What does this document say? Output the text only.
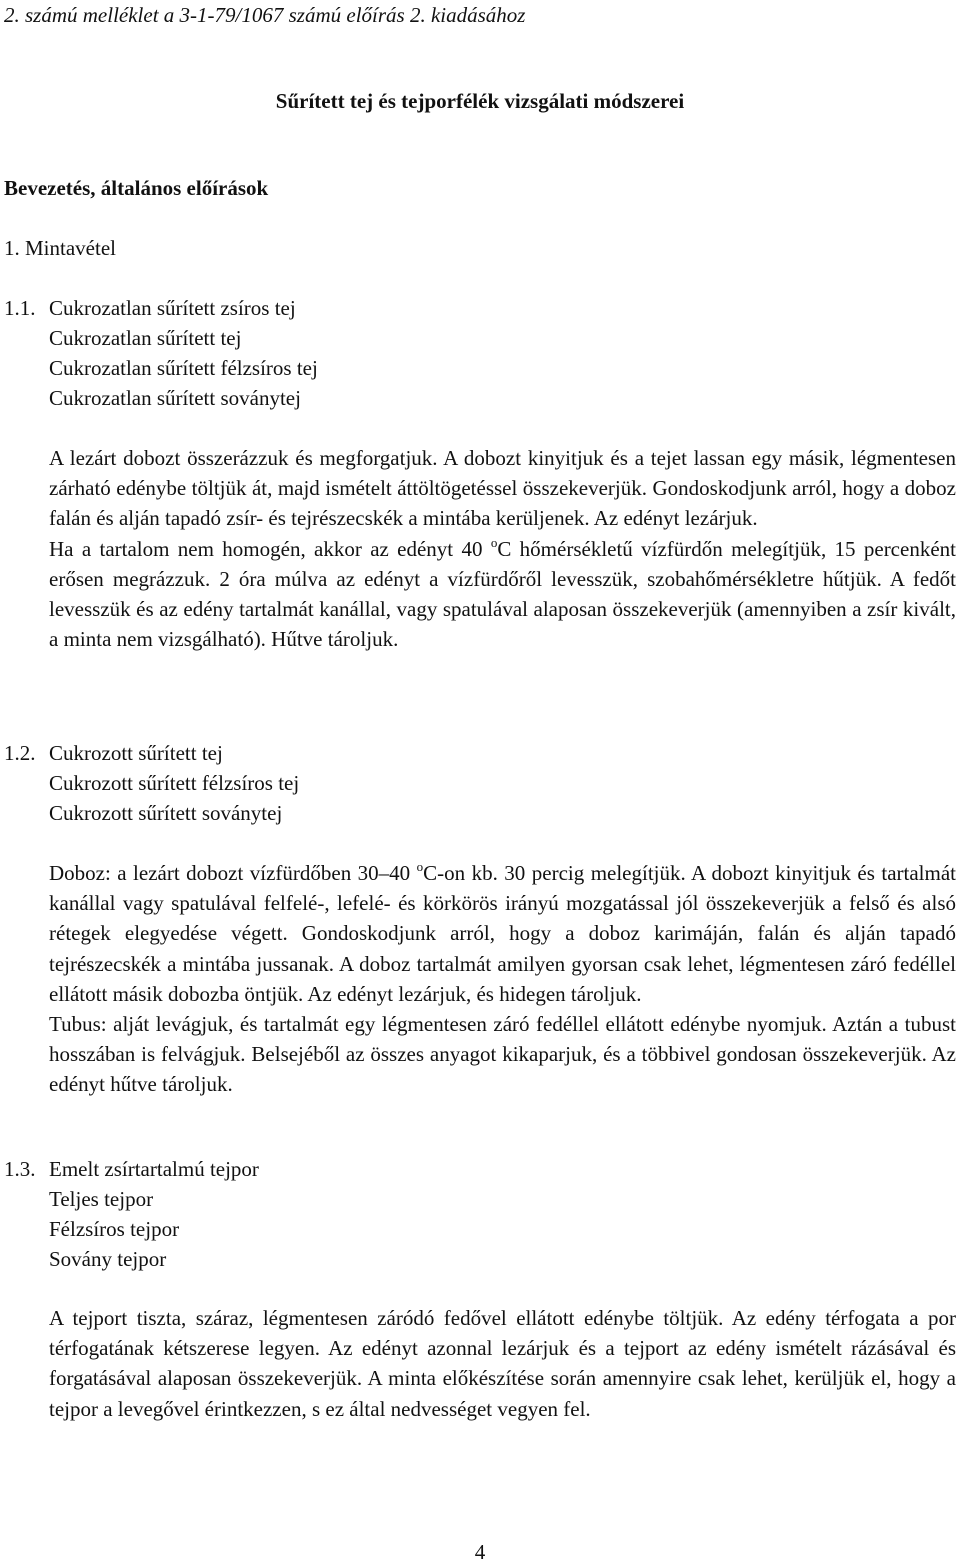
2. számú melléklet a 3-1-79/1067 számú előírás 2. kiadásához
Sűrített tej és tejporfélék vizsgálati módszerei
Bevezetés, általános előírások
1. Mintavétel
1.1. Cukrozatlan sűrített zsíros tej
Cukrozatlan sűrített tej
Cukrozatlan sűrített félzsíros tej
Cukrozatlan sűrített soványtej

A lezárt dobozt összerázzuk és megforgatjuk. A dobozt kinyitjuk és a tejet lassan egy másik, légmentesen zárható edénybe töltjük át, majd ismételt áttöltögetéssel összekeverjük. Gondoskodjunk arról, hogy a doboz falán és alján tapadó zsír- és tejrészecskék a mintába kerüljenek. Az edényt lezárjuk.

Ha a tartalom nem homogén, akkor az edényt 40 $^o$C hőmérsékletű vízfürdőn melegítjük, 15 percenként erősen megrázzuk. 2 óra múlva az edényt a vízfürdőről levesszük, szobahőmérsékletre hűtjük. A fedőt levesszük és az edény tartalmát kanállal, vagy spatulával alaposan összekeverjük (amennyiben a zsír kivált, a minta nem vizsgálható). Hűtve tároljuk.

1.2. Cukrozott sűrített tej
Cukrozott sűrített félzsíros tej
Cukrozott sűrített soványtej

Doboz: a lezárt dobozt vízfürdőben 30–40 $^o$C-on kb. 30 percig melegítjük. A dobozt kinyitjuk és tartalmát kanállal vagy spatulával felfelé-, lefelé- és körkörös irányú mozgatással jól összekeverjük a felső és alsó rétegek elegyedése végett. Gondoskodjunk arról, hogy a doboz karimáján, falán és alján tapadó tejrészecskék a mintába jussanak. A doboz tartalmát amilyen gyorsan csak lehet, légmentesen záró fedéllel ellátott másik dobozba öntjük. Az edényt lezárjuk, és hidegen tároljuk.

Tubus: alját levágjuk, és tartalmát egy légmentesen záró fedéllel ellátott edénybe nyomjuk. Aztán a tubust hosszában is felvágjuk. Belsejéből az összes anyagot kikaparjuk, és a többivel gondosan összekeverjük. Az edényt hűtve tároljuk.

1.3. Emelt zsírtartalmú tejpor
Teljes tejpor
Félzsíros tejpor
Sovány tejpor

A tejport tiszta, száraz, légmentesen záródó fedővel ellátott edénybe töltjük. Az edény térfogata a por térfogatának kétszerese legyen. Az edényt azonnal lezárjuk és a tejport az edény ismételt rázásával és forgatásával alaposan összekeverjük. A minta előkészítése során amennyire csak lehet, kerüljük el, hogy a tejpor a levegővel érintkezzen, s ez által nedvességet vegyen fel.

4
